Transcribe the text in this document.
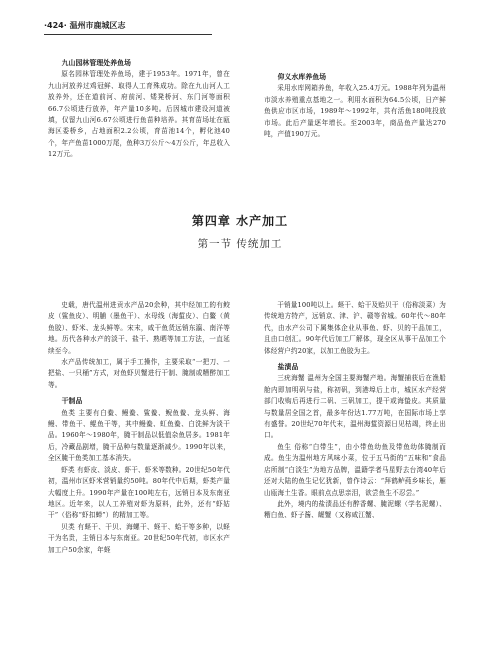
·424· 温州市鹿城区志

九山园林管理处养鱼场

原名园林管理处养鱼场，建于1953年。1971年，曾在九山河放养过鸡冠鲜、取得人工育殊成功。除在九山河人工放养外，还在道前河、府前河、矮凳桥河、东门河等面积66.7公顷进行放养，年产量10多吨。后因城市建设河道被填，仅留九山河6.67公顷进行鱼苗种培养。其育苗场址在瓯海区委桥乡，占地面积2.2公顷，育苗池14个，孵化池40个，年产鱼苗1000万尾，鱼种3万公斤～4万公斤，年总收入12万元。

仰义水库养鱼场

采用水库网箱养鱼，年收入25.4万元。1988年列为温州市淡水养殖重点基地之一。利用水面积为64.5公顷，日产鲜鱼供应市区市场，1989年～1992年，共有活鱼180吨投放市场。此后产量逐年增长。至2003年，商品鱼产量达270吨，产值190万元。

第四章 水产加工
第一节 传统加工

史载，唐代温州进贡水产品20余种，其中经加工的有鲛皮（鲨鱼皮）、明脯（墨鱼干）、水母线（海蜇皮）、白鳖（黄鱼胶）、虾米、龙头鲜等。宋末，咸干鱼货远销东瀛、南洋等地。历代各种水产的淡干、盐干、熟晒等加工方法，一直延续至今。

水产品传统加工，属于手工操作，主要采取“一把刀、一把盐、一只桶”方式，对鱼虾贝蟹进行干制、腌制或糟醉加工等。

干制品

鱼类 主要有白鲞、鳗鲞、鲨鲞、鲵鱼鲞、龙头鲜、海鳗、带鱼干、鲲鱼干等，其中鳗鲞、虹鱼鲞、白洗鲜为淡干品。1960年～1980年，腌干制品以低值杂鱼居多。1981年后，冷藏品剧增，腌干品种与数量逐渐减少。1990年以来，全区腌干鱼类加工基本消失。

虾类 有虾皮、淡皮、虾干、虾米等数种。20世纪50年代初，温州市区虾米营销量约50吨。80年代中后期，虾类产量大幅度上升。1990年产量在100吨左右，远销日本及东南亚地区。近年来，以人工养殖对虾为原料，此外，还有“虾姑干”（俗称“虾扣蝉”）的精加工等。

贝类 有蛏干、干贝、海螺干、蛏干、蛤干等多种，以蛏干为名贵，主销日本与东南亚。20世纪50年代初，市区水产加工户50余家，年蛏

干销量100吨以上。蛏干、蛤干及贻贝干（俗称淡菜）为传统地方特产，远销京、津、沪、赣等省城。60年代～80年代，由水产公司下属集体企业从事鱼、虾、贝的干品加工，且由口创汇。90年代后加工厂解体，现全区从事干品加工个体经营户约20家，以加工鱼胶为主。

盐渍品

三疣海蟹 温州为全国主要海蟹产地。海蟹捕获后在渔船舱内即加明矾与盐，称初矾，到港埠后上市，城区水产经营部门收购后再进行二矾、三矾加工，提干或海蛰皮。其质量与数量居全国之首，最多年份达1.77万吨，在国际市场上享有盛誉。20世纪70年代末，温州海蜇资源日见枯竭，终止出口。

鱼生 俗称“白带生”，由小带鱼幼鱼及带鱼幼体腌制而成。鱼生为温州地方风味小菜，位于五马街的“五味和”食品店所制“白淡生”为地方品牌，温籍学者马星野去台湾40年后还对大陆的鱼生记忆犹新，曾作诗云：“拜鹤鲈莼乡味长，雁山瓯海土生香。眼前点点思亲泪，欲尝鱼生不忍尝。”

此外，境内的盐渍品还有醉香螺、腌泥螺（学名泥螺）、糟白鱼、虾子酱、龌蟹（又称咸江蟹、
